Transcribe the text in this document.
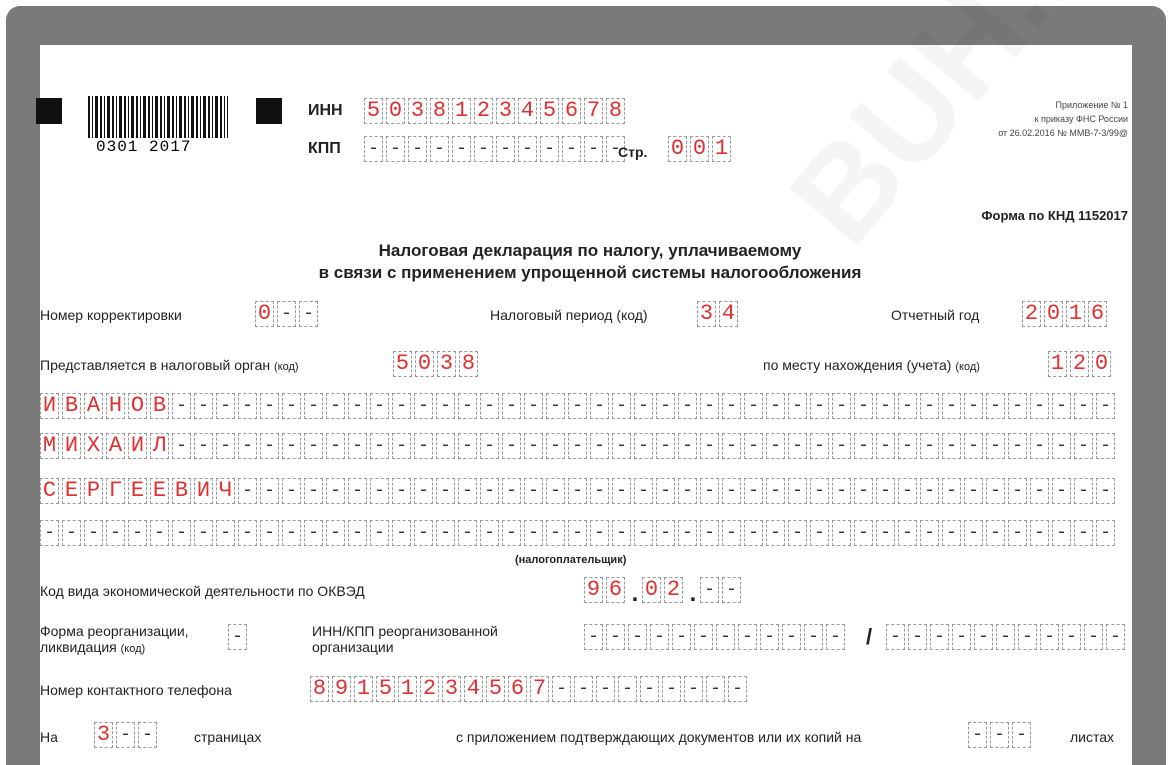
0301 2017
ИНН 5 0 3 8 1 2 3 4 5 6 7 8
КПП - - - - - - - - - - - -
Стр. 0 0 1
Приложение № 1
к приказу ФНС России
от 26.02.2016 № ММВ-7-3/99@
Форма по КНД 1152017
Налоговая декларация по налогу, уплачиваемому
в связи с применением упрощенной системы налогообложения
Номер корректировки	0 - -	Налоговый период (код) 3 4	Отчетный год 2 0 1 6
Представляется в налоговый орган (код)	5 0 3 8	по месту нахождения (учета) (код)	1 2 0
И В А Н О В - - - - - - - - - - - - - - - - - - - - - - - - - - - - - - - - - - - - - - - - - - -
М И Х А И Л - - - - - - - - - - - - - - - - - - - - - - - - - - - - - - - - - - - - - - - - - - -
С Е Р Г Е Е В И Ч - - - - - - - - - - - - - - - - - - - - - - - - - - - - - - - - - - - - - - - -
- - - - - - - - - - - - - - - - - - - - - - - - - - - - - - - - - - - - - - - - - - - - - - - - -
(налогоплательщик)
Код вида экономической деятельности по ОКВЭД	9 6 . 0 2 . - -
Форма реорганизации,
ликвидация (код)
-	ИНН/КПП реорганизованной
организации	- - - - - - - - - - - - / - - - - - - - - - - -
Номер контактного телефона	8 9 1 5 1 2 3 4 5 6 7 - - - - - - - - -
На 3 - -	страницах	с приложением подтверждающих документов или их копий на	- - -	листах
